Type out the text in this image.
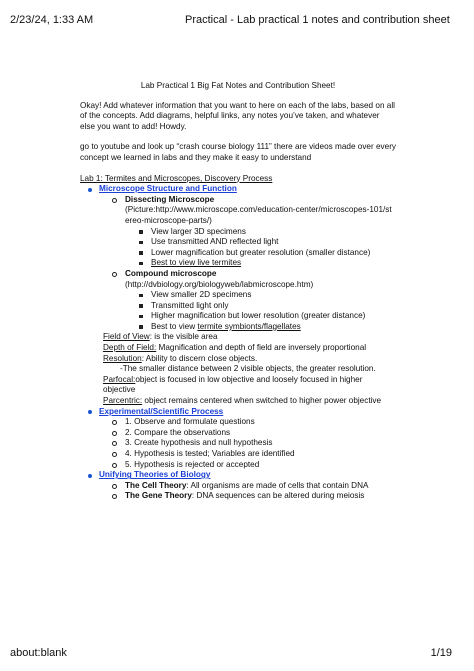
2/23/24, 1:33 AM	Practical - Lab practical 1 notes and contribution sheet
Lab Practical 1 Big Fat Notes and Contribution Sheet!
Okay! Add whatever information that you want to here on each of the labs, based on all of the concepts. Add diagrams, helpful links, any notes you’ve taken, and whatever else you want to add! Howdy.
go to youtube and look up “crash course biology 111” there are videos made over every concept we learned in labs and they make it easy to understand
Lab 1: Termites and Microscopes, Discovery Process
Microscope Structure and Function
Dissecting Microscope
(Picture:http://www.microscope.com/education-center/microscopes-101/stereo-microscope-parts/)
View larger 3D specimens
Use transmitted AND reflected light
Lower magnification but greater resolution (smaller distance)
Best to view live termites
Compound microscope
(http://dvbiology.org/biologyweb/labmicroscope.htm)
View smaller 2D specimens
Transmitted light only
Higher magnification but lower resolution (greater distance)
Best to view termite symbionts/flagellates
Field of View: is the visible area
Depth of Field: Magnification and depth of field are inversely proportional
Resolution: Ability to discern close objects.
-The smaller distance between 2 visible objects, the greater resolution.
Parfocal:object is focused in low objective and loosely focused in higher objective
Parcentric: object remains centered when switched to higher power objective
Experimental/Scientific Process
1. Observe and formulate questions
2. Compare the observations
3. Create hypothesis and null hypothesis
4. Hypothesis is tested; Variables are identified
5. Hypothesis is rejected or accepted
Unifying Theories of Biology
The Cell Theory: All organisms are made of cells that contain DNA
The Gene Theory: DNA sequences can be altered during meiosis
about:blank	1/19
